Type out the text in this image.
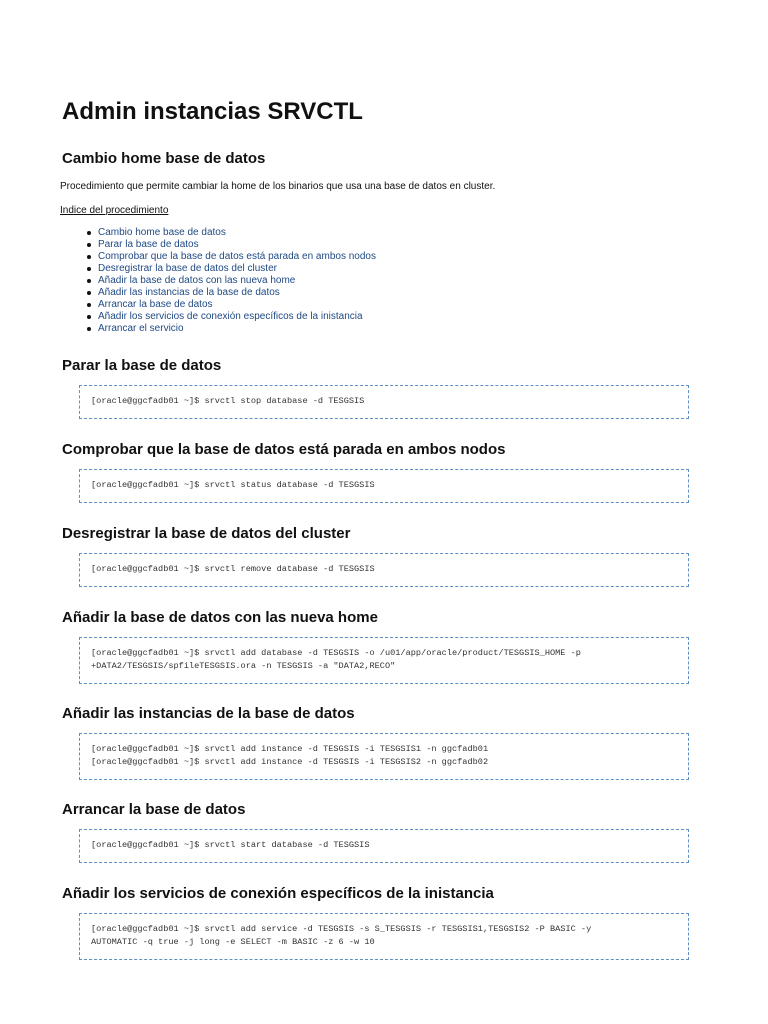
Admin instancias SRVCTL
Cambio home base de datos

Procedimiento que permite cambiar la home de los binarios que usa una base de datos en cluster.

Indice del procedimiento

Cambio home base de datos
Parar la base de datos
Comprobar que la base de datos está parada en ambos nodos
Desregistrar la base de datos del cluster
Añadir la base de datos con las nueva home
Añadir las instancias de la base de datos
Arrancar la base de datos
Añadir los servicios de conexión específicos de la inistancia
Arrancar el servicio
Parar la base de datos
[oracle@ggcfadb01 ~]$ srvctl stop database -d TESGSIS
Comprobar que la base de datos está parada en ambos nodos
[oracle@ggcfadb01 ~]$ srvctl status database -d TESGSIS
Desregistrar la base de datos del cluster
[oracle@ggcfadb01 ~]$ srvctl remove database -d TESGSIS
Añadir la base de datos con las nueva home
[oracle@ggcfadb01 ~]$ srvctl add database -d TESGSIS -o /u01/app/oracle/product/TESGSIS_HOME -p
+DATA2/TESGSIS/spfileTESGSIS.ora -n TESGSIS -a "DATA2,RECO"
Añadir las instancias de la base de datos
[oracle@ggcfadb01 ~]$ srvctl add instance -d TESGSIS -i TESGSIS1 -n ggcfadb01
[oracle@ggcfadb01 ~]$ srvctl add instance -d TESGSIS -i TESGSIS2 -n ggcfadb02
Arrancar la base de datos
[oracle@ggcfadb01 ~]$ srvctl start database -d TESGSIS
Añadir los servicios de conexión específicos de la inistancia
[oracle@ggcfadb01 ~]$ srvctl add service -d TESGSIS -s S_TESGSIS -r TESGSIS1,TESGSIS2 -P BASIC -y
AUTOMATIC -q true -j long -e SELECT -m BASIC -z 6 -w 10
